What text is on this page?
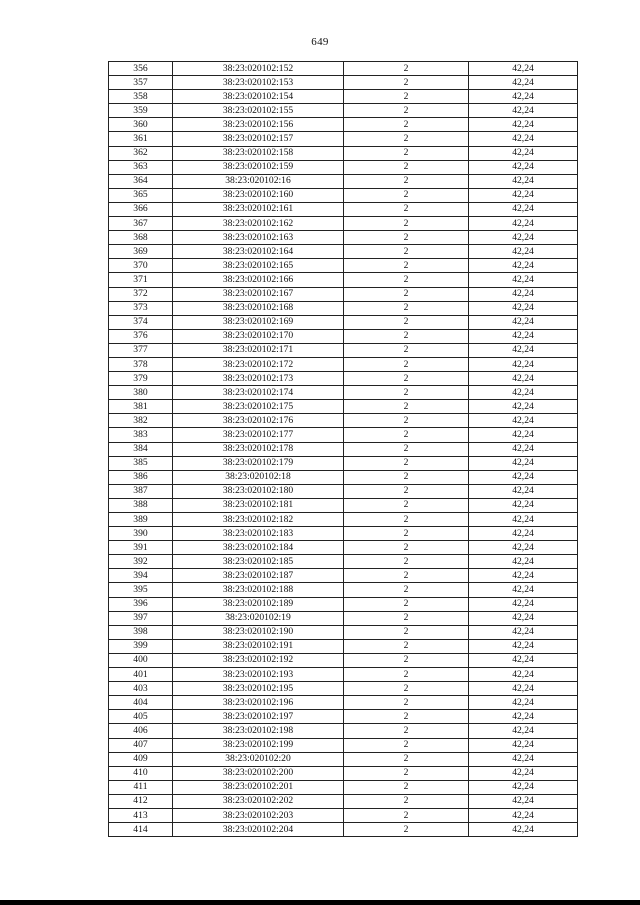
649
356	38:23:020102:152	2	42,24
357	38:23:020102:153	2	42,24
358	38:23:020102:154	2	42,24
359	38:23:020102:155	2	42,24
360	38:23:020102:156	2	42,24
361	38:23:020102:157	2	42,24
362	38:23:020102:158	2	42,24
363	38:23:020102:159	2	42,24
364	38:23:020102:16	2	42,24
365	38:23:020102:160	2	42,24
366	38:23:020102:161	2	42,24
367	38:23:020102:162	2	42,24
368	38:23:020102:163	2	42,24
369	38:23:020102:164	2	42,24
370	38:23:020102:165	2	42,24
371	38:23:020102:166	2	42,24
372	38:23:020102:167	2	42,24
373	38:23:020102:168	2	42,24
374	38:23:020102:169	2	42,24
376	38:23:020102:170	2	42,24
377	38:23:020102:171	2	42,24
378	38:23:020102:172	2	42,24
379	38:23:020102:173	2	42,24
380	38:23:020102:174	2	42,24
381	38:23:020102:175	2	42,24
382	38:23:020102:176	2	42,24
383	38:23:020102:177	2	42,24
384	38:23:020102:178	2	42,24
385	38:23:020102:179	2	42,24
386	38:23:020102:18	2	42,24
387	38:23:020102:180	2	42,24
388	38:23:020102:181	2	42,24
389	38:23:020102:182	2	42,24
390	38:23:020102:183	2	42,24
391	38:23:020102:184	2	42,24
392	38:23:020102:185	2	42,24
394	38:23:020102:187	2	42,24
395	38:23:020102:188	2	42,24
396	38:23:020102:189	2	42,24
397	38:23:020102:19	2	42,24
398	38:23:020102:190	2	42,24
399	38:23:020102:191	2	42,24
400	38:23:020102:192	2	42,24
401	38:23:020102:193	2	42,24
403	38:23:020102:195	2	42,24
404	38:23:020102:196	2	42,24
405	38:23:020102:197	2	42,24
406	38:23:020102:198	2	42,24
407	38:23:020102:199	2	42,24
409	38:23:020102:20	2	42,24
410	38:23:020102:200	2	42,24
411	38:23:020102:201	2	42,24
412	38:23:020102:202	2	42,24
413	38:23:020102:203	2	42,24
414	38:23:020102:204	2	42,24
